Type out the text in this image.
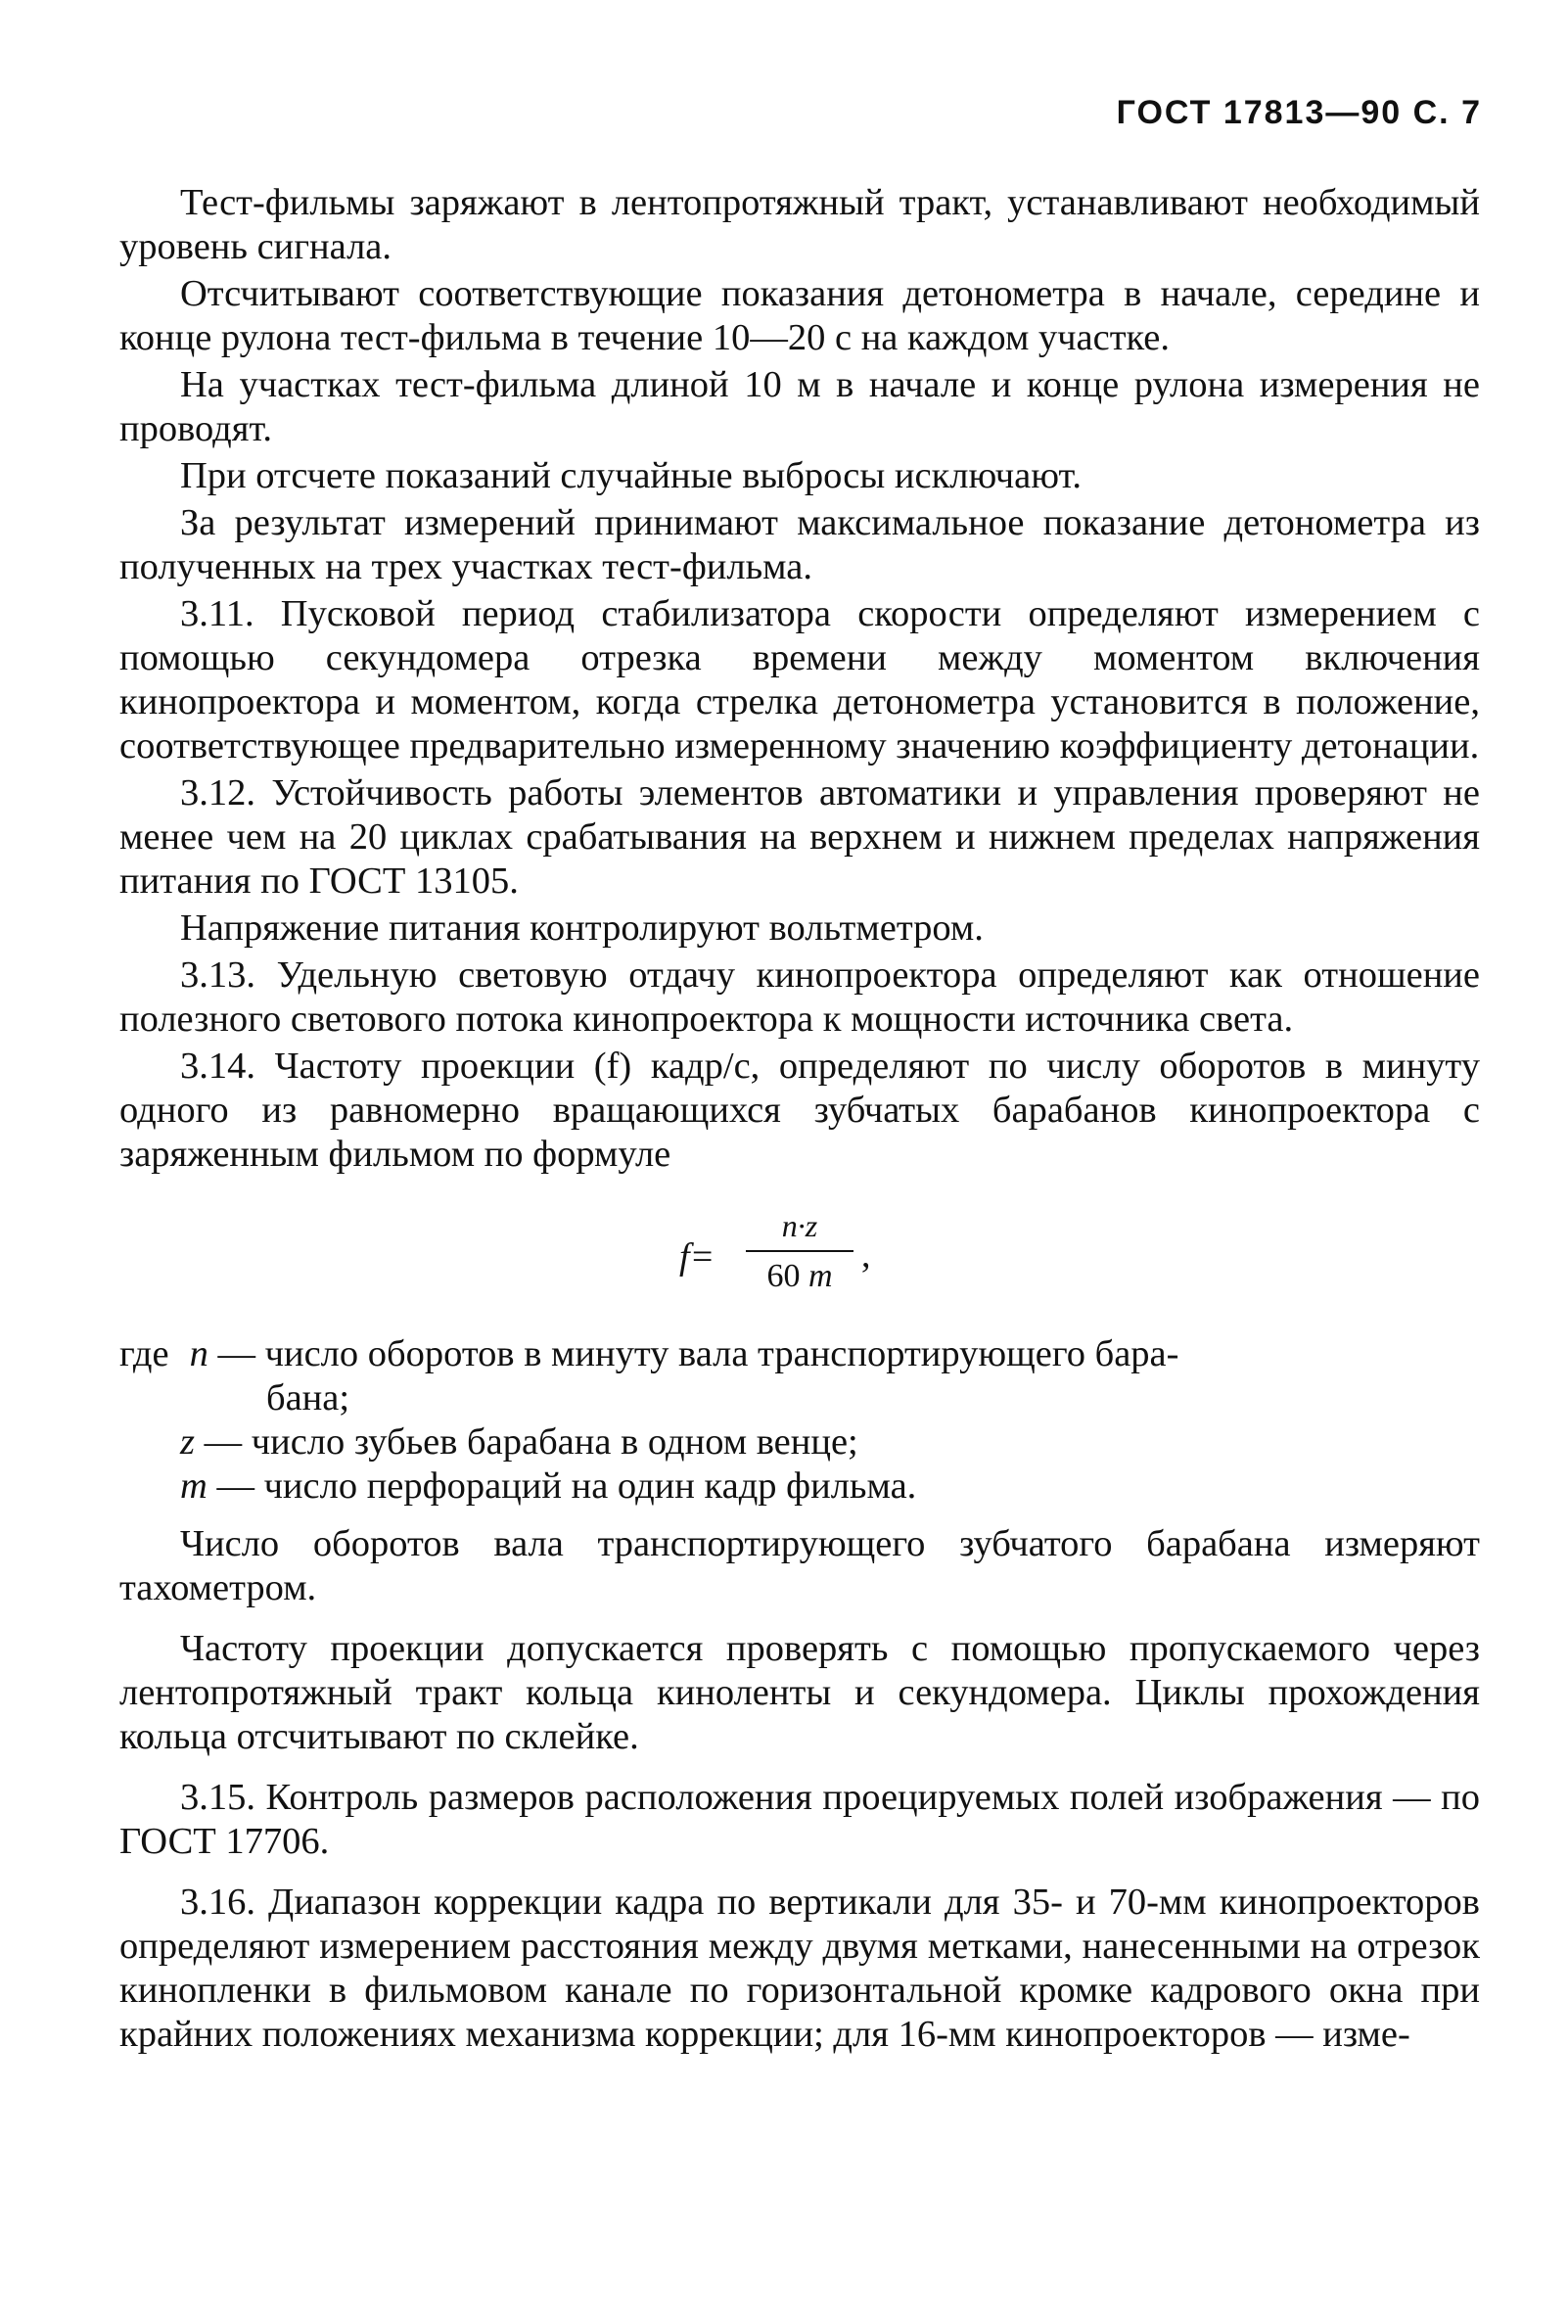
ГОСТ 17813—90 С. 7

Тест-фильмы заряжают в лентопротяжный тракт, устанавливают необходимый уровень сигнала.

Отсчитывают соответствующие показания детонометра в начале, середине и конце рулона тест-фильма в течение 10—20 с на каждом участке.

На участках тест-фильма длиной 10 м в начале и конце рулона измерения не проводят.

При отсчете показаний случайные выбросы исключают.

За результат измерений принимают максимальное показание детонометра из полученных на трех участках тест-фильма.

3.11. Пусковой период стабилизатора скорости определяют измерением с помощью секундомера отрезка времени между моментом включения кинопроектора и моментом, когда стрелка детонометра установится в положение, соответствующее предварительно измеренному значению коэффициенту детонации.

3.12. Устойчивость работы элементов автоматики и управления проверяют не менее чем на 20 циклах срабатывания на верхнем и нижнем пределах напряжения питания по ГОСТ 13105.

Напряжение питания контролируют вольтметром.

3.13. Удельную световую отдачу кинопроектора определяют как отношение полезного светового потока кинопроектора к мощности источника света.

3.14. Частоту проекции (f) кадр/с, определяют по числу оборотов в минуту одного из равномерно вращающихся зубчатых барабанов кинопроектора с заряженным фильмом по формуле

$f= \frac{n\cdot z}{60 m}$ ,
где n — число оборотов в минуту вала транспортирующего бара-
бана;
z — число зубьев барабана в одном венце;
m — число перфораций на один кадр фильма.

Число оборотов вала транспортирующего зубчатого барабана измеряют тахометром.

Частоту проекции допускается проверять с помощью пропускаемого через лентопротяжный тракт кольца киноленты и секундомера. Циклы прохождения кольца отсчитывают по склейке.

3.15. Контроль размеров расположения проецируемых полей изображения — по ГОСТ 17706.

3.16. Диапазон коррекции кадра по вертикали для 35- и 70-мм кинопроекторов определяют измерением расстояния между двумя метками, нанесенными на отрезок кинопленки в фильмовом канале по горизонтальной кромке кадрового окна при крайних положениях механизма коррекции; для 16-мм кинопроекторов — изме-
